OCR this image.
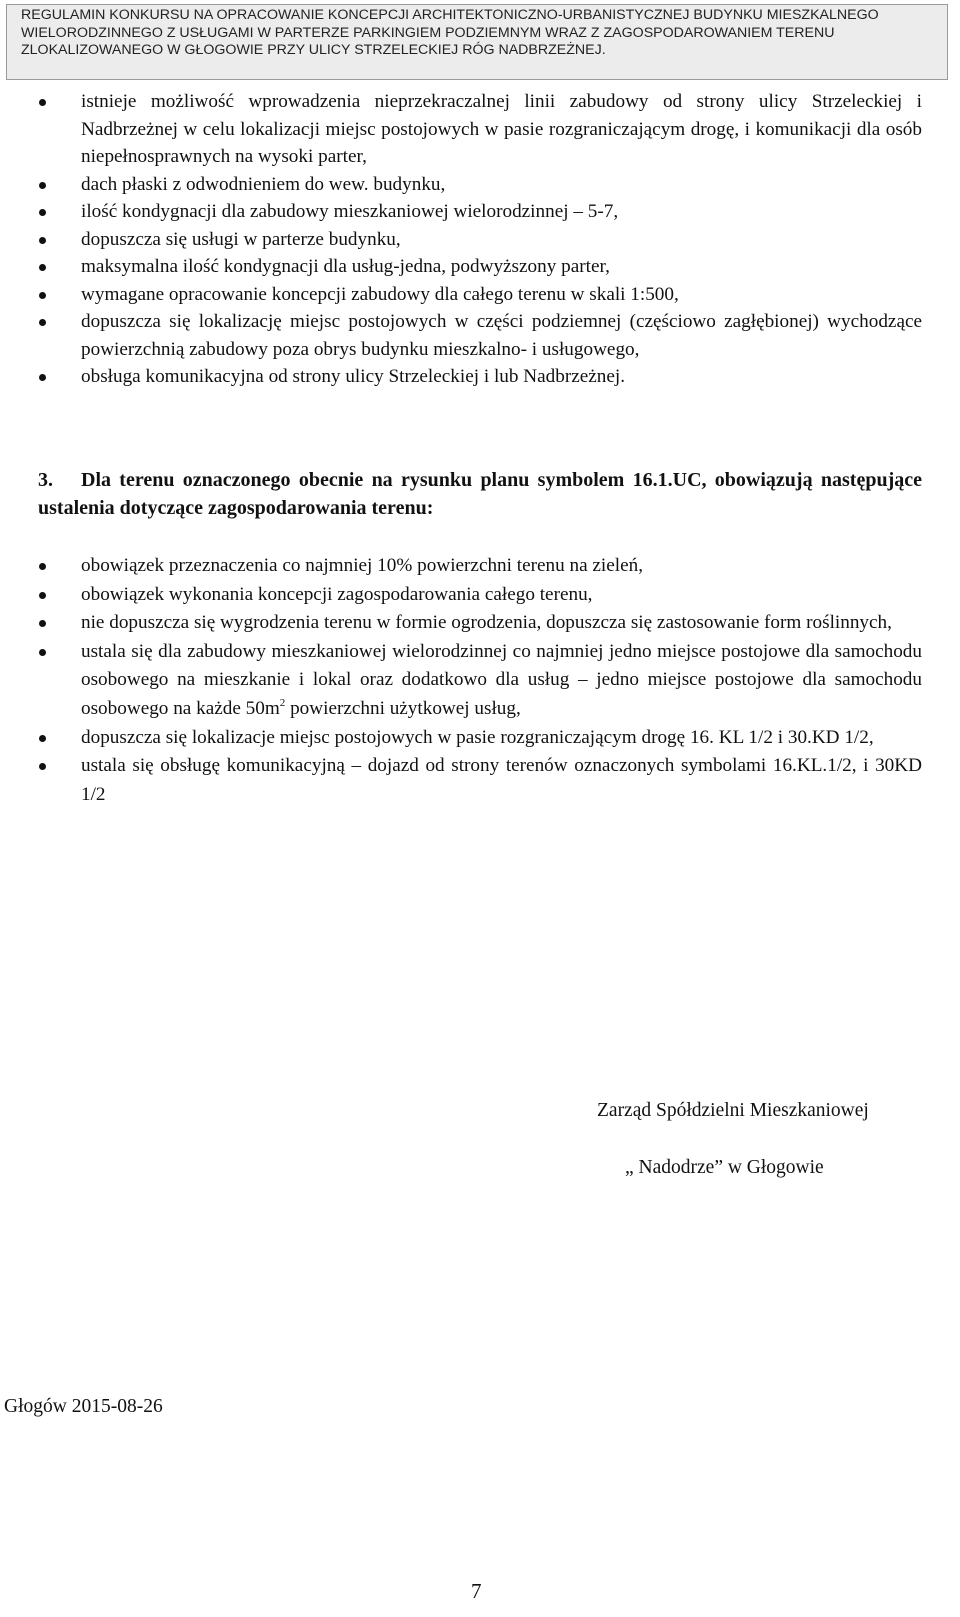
REGULAMIN KONKURSU NA OPRACOWANIE KONCEPCJI ARCHITEKTONICZNO-URBANISTYCZNEJ BUDYNKU MIESZKALNEGO WIELORODZINNEGO Z USŁUGAMI W PARTERZE PARKINGIEM PODZIEMNYM WRAZ Z ZAGOSPODAROWANIEM TERENU ZLOKALIZOWANEGO W GŁOGOWIE PRZY ULICY STRZELECKIEJ RÓG NADBRZEŻNEJ.
istnieje możliwość wprowadzenia nieprzekraczalnej linii zabudowy od strony ulicy Strzeleckiej i Nadbrzeżnej w celu lokalizacji miejsc postojowych w pasie rozgraniczającym drogę, i komunikacji dla osób niepełnosprawnych na wysoki parter,
dach płaski z odwodnieniem do wew. budynku,
ilość kondygnacji dla zabudowy mieszkaniowej wielorodzinnej – 5-7,
dopuszcza się usługi w parterze budynku,
maksymalna ilość kondygnacji dla usług-jedna, podwyższony parter,
wymagane opracowanie koncepcji zabudowy dla całego terenu w skali 1:500,
dopuszcza się lokalizację miejsc postojowych w części podziemnej (częściowo zagłębionej) wychodzące powierzchnią zabudowy poza obrys budynku mieszkalno- i usługowego,
obsługa komunikacyjna od strony ulicy Strzeleckiej i lub Nadbrzeżnej.
3. Dla terenu oznaczonego obecnie na rysunku planu symbolem 16.1.UC, obowiązują następujące ustalenia dotyczące zagospodarowania terenu:
obowiązek przeznaczenia co najmniej 10% powierzchni terenu na zieleń,
obowiązek wykonania koncepcji zagospodarowania całego terenu,
nie dopuszcza się wygrodzenia terenu w formie ogrodzenia, dopuszcza się zastosowanie form roślinnych,
ustala się dla zabudowy mieszkaniowej wielorodzinnej co najmniej jedno miejsce postojowe dla samochodu osobowego na mieszkanie i lokal oraz dodatkowo dla usług – jedno miejsce postojowe dla samochodu osobowego na każde $50m^2$ powierzchni użytkowej usług,
dopuszcza się lokalizacje miejsc postojowych w pasie rozgraniczającym drogę 16. KL 1/2 i 30.KD 1/2,
ustala się obsługę komunikacyjną – dojazd od strony terenów oznaczonych symbolami 16.KL.1/2, i 30KD 1/2
Zarząd Spółdzielni Mieszkaniowej
„ Nadodrze” w Głogowie
Głogów 2015-08-26
7
